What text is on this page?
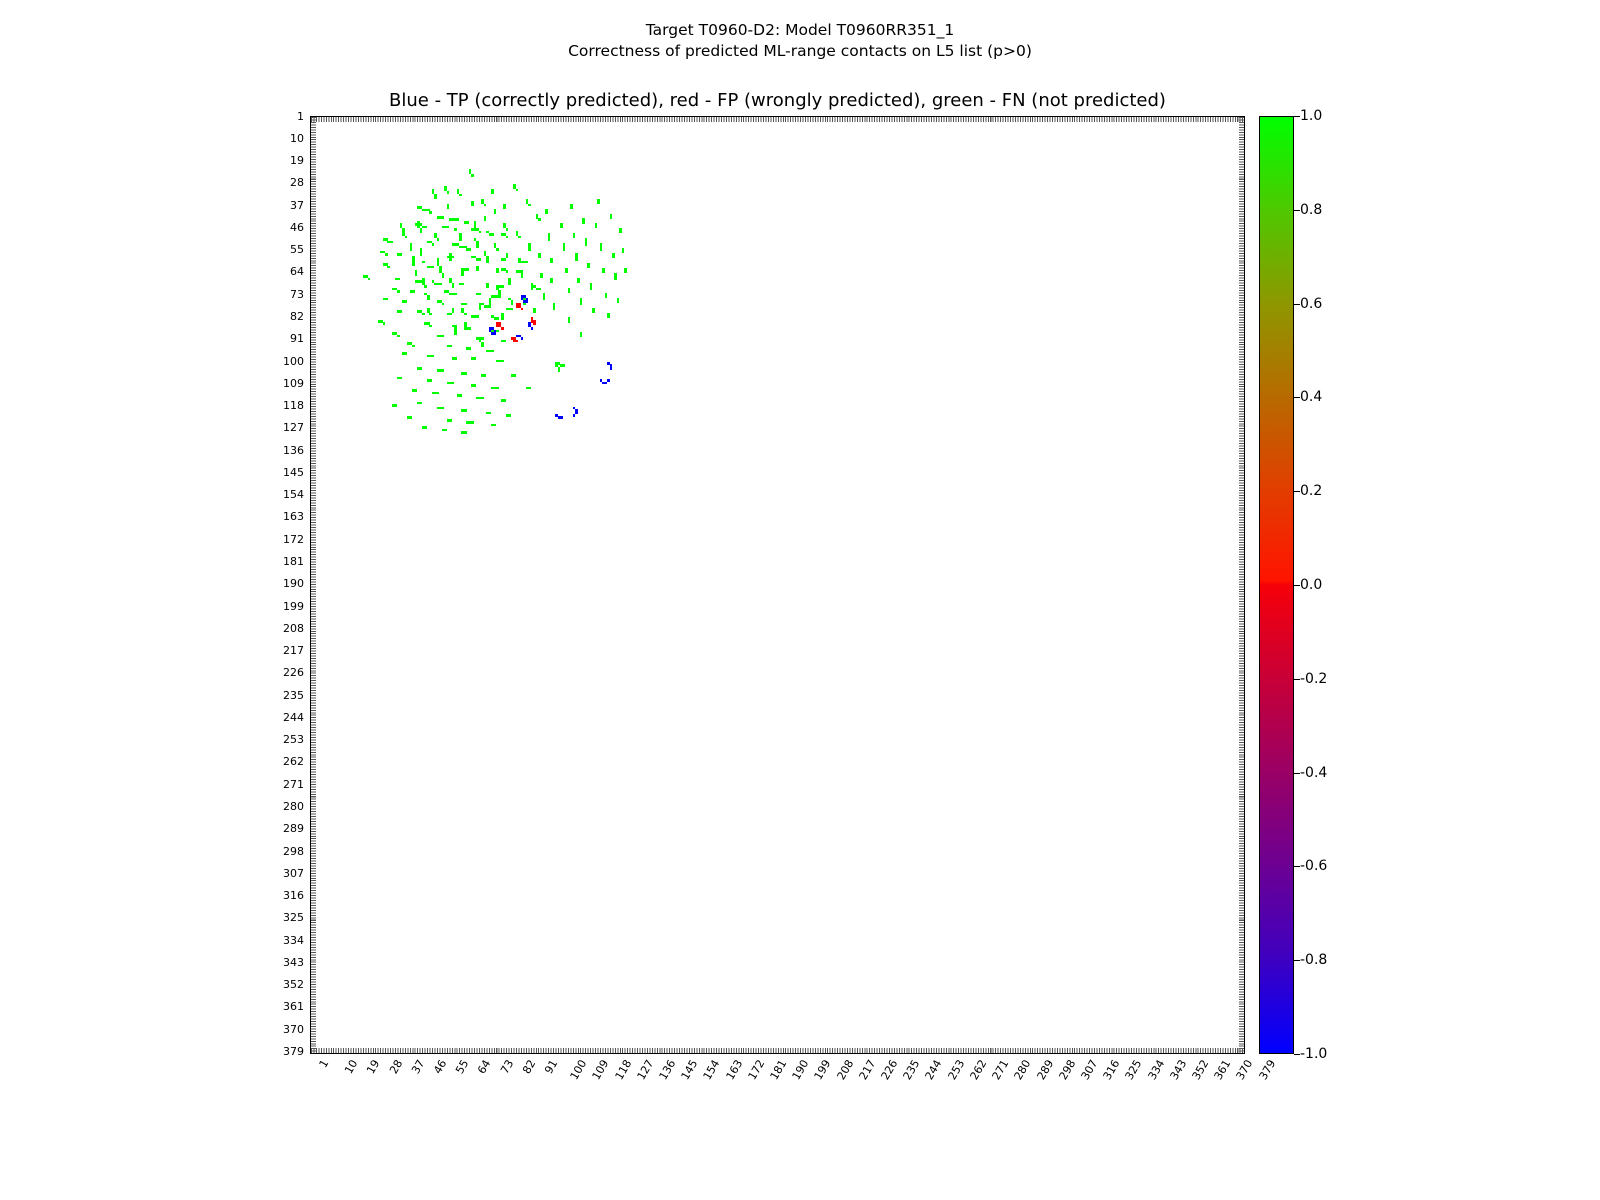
Target T0960-D2: Model T0960RR351_1
Correctness of predicted ML-range contacts on L5 list (p>0)
Blue - TP (correctly predicted), red - FP (wrongly predicted), green - FN (not predicted)
1
10
19
28
37
46
55
64
73
82
91
100
109
118
127
136
145
154
163
172
181
190
199
208
217
226
235
244
253
262
271
280
289
298
307
316
325
334
343
352
361
370
379
1 10 19 28 37 46 55 64 73 82 91 100 109 118 127 136 145 154 163 172 181 190 199 208 217 226 235 244 253 262 271 280 289 298 307 316 325 334 343 352 361 370 379
1.0
0.8
0.6
0.4
0.2
0.0
-0.2
-0.4
-0.6
-0.8
-1.0
